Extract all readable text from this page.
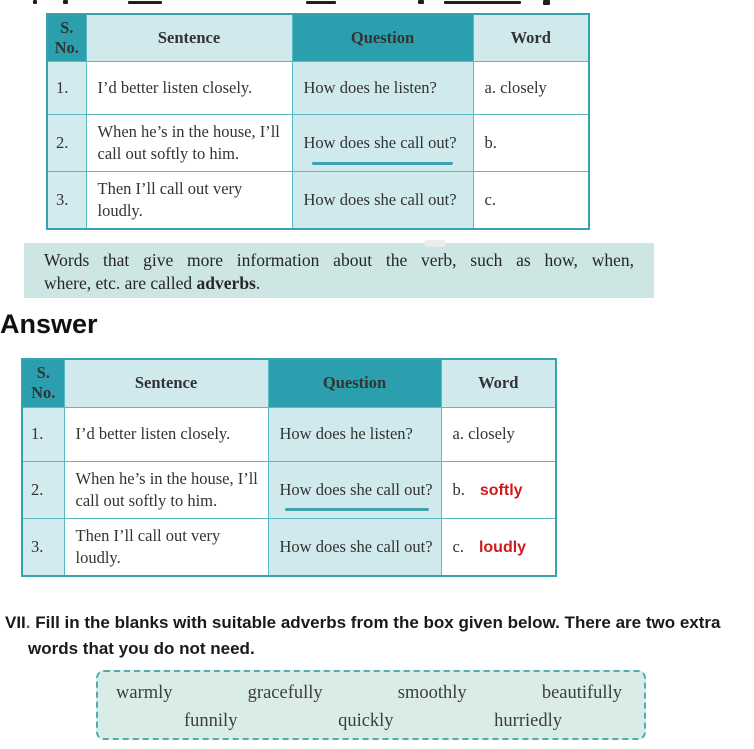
S. No.	Sentence	Question	Word
1.	I’d better listen closely.	How does he listen?	a. closely
2.	When he’s in the house, I’ll call out softly to him.	How does she call out?	b.
3.	Then I’ll call out very loudly.	How does she call out?	c.
Words that give more information about the verb, such as how, when,
where, etc. are called adverbs.
Answer
S. No.	Sentence	Question	Word
1.	I’d better listen closely.	How does he listen?	a. closely
2.	When he’s in the house, I’ll call out softly to him.	How does she call out?	b. softly
3.	Then I’ll call out very loudly.	How does she call out?	c. loudly
VII. Fill in the blanks with suitable adverbs from the box given below. There are two extra
words that you do not need.
warmly	gracefully	smoothly	beautifully
funnily	quickly	hurriedly
